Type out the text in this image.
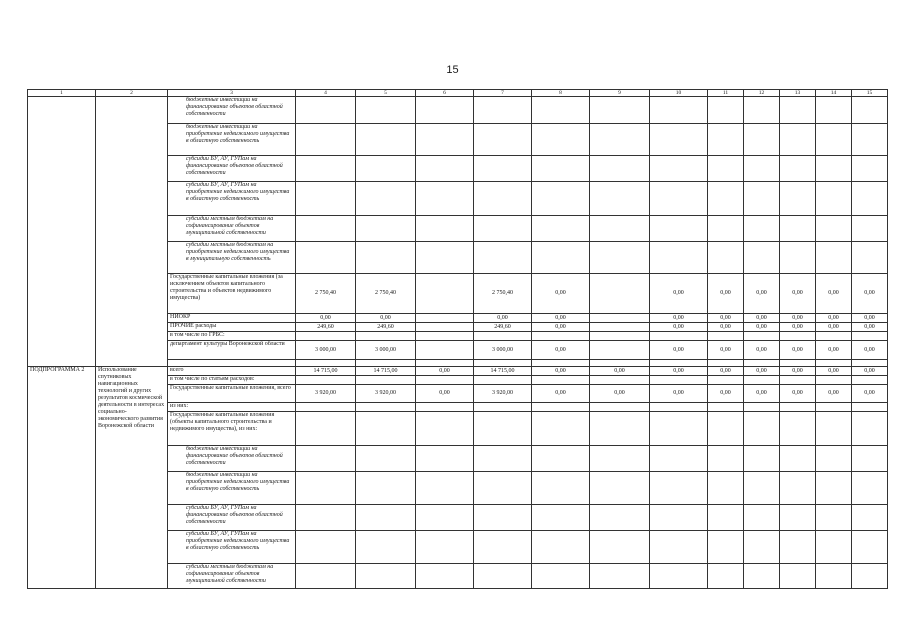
15
1	2	3	4	5	6	7	8	9	10	11	12	13	14	15
		бюджетные инвестиции на финансирование объектов областной собственности												
		бюджетные инвестиции на приобретение недвижимого имущества в областную собственность												
		субсидии БУ, АУ, ГУПам на финансирование объектов областной собственности												
		субсидии БУ, АУ, ГУПам на приобретение недвижимого имущества в областную собственность												
		субсидии местным бюджетам на софинансирование объектов муниципальной собственности												
		субсидии местным бюджетам на приобретение недвижимого имущества в муниципальную собственность												
		Государственные капитальные вложения (за исключением объектов капитального строительства и объектов недвижимого имущества)	2 750,40	2 750,40		2 750,40	0,00		0,00	0,00	0,00	0,00	0,00	0,00
		НИОКР	0,00	0,00		0,00	0,00		0,00	0,00	0,00	0,00	0,00	0,00
		ПРОЧИЕ расходы	249,60	249,60		249,60	0,00		0,00	0,00	0,00	0,00	0,00	0,00
		в том числе по ГРБС:												
		департамент культуры Воронежской области	3 000,00	3 000,00		3 000,00	0,00		0,00	0,00	0,00	0,00	0,00	0,00

ПОДПРОГРАММА 2	Использование спутниковых навигационных технологий и других результатов космической деятельности в интересах социально-экономического развития Воронежской области	всего	14 715,00	14 715,00	0,00	14 715,00	0,00	0,00	0,00	0,00	0,00	0,00	0,00	0,00
		в том числе по статьям расходов:												
		Государственные капитальные вложения, всего	3 920,00	3 920,00	0,00	3 920,00	0,00	0,00	0,00	0,00	0,00	0,00	0,00	0,00
		из них:												
		Государственные капитальные вложения (объекты капитального строительства и недвижимого имущества), из них:												
		бюджетные инвестиции на финансирование объектов областной собственности												
		бюджетные инвестиции на приобретение недвижимого имущества в областную собственность												
		субсидии БУ, АУ, ГУПам на финансирование объектов областной собственности												
		субсидии БУ, АУ, ГУПам на приобретение недвижимого имущества в областную собственность												
		субсидии местным бюджетам на софинансирование объектов муниципальной собственности												
